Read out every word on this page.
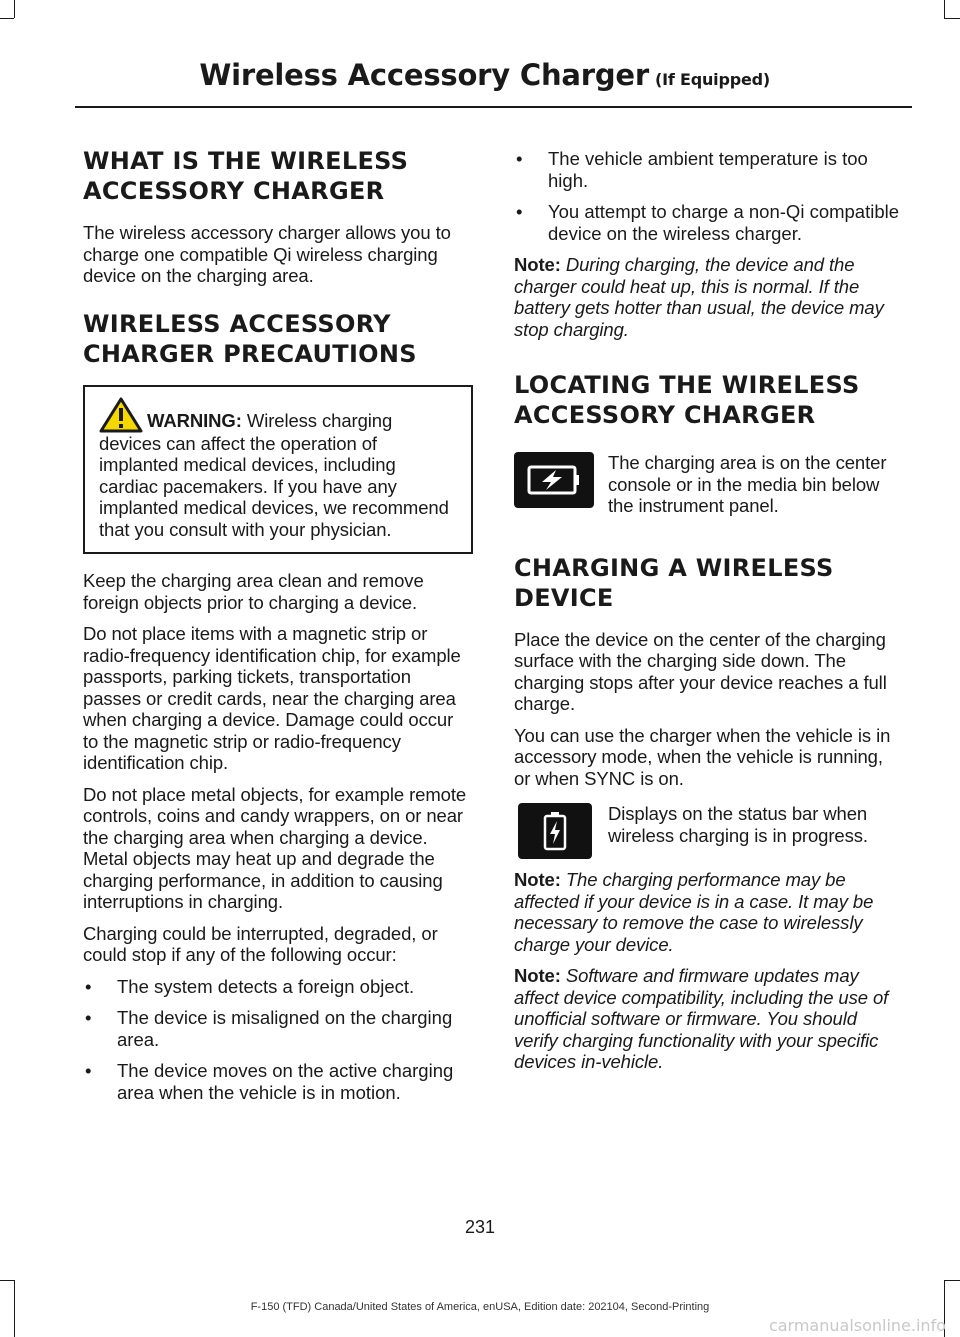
Wireless Accessory Charger (If Equipped)
WHAT IS THE WIRELESS ACCESSORY CHARGER

The wireless accessory charger allows you to charge one compatible Qi wireless charging device on the charging area.

WIRELESS ACCESSORY CHARGER PRECAUTIONS

WARNING: Wireless charging devices can affect the operation of implanted medical devices, including cardiac pacemakers. If you have any implanted medical devices, we recommend that you consult with your physician.

Keep the charging area clean and remove foreign objects prior to charging a device.

Do not place items with a magnetic strip or radio-frequency identification chip, for example passports, parking tickets, transportation passes or credit cards, near the charging area when charging a device. Damage could occur to the magnetic strip or radio-frequency identification chip.

Do not place metal objects, for example remote controls, coins and candy wrappers, on or near the charging area when charging a device. Metal objects may heat up and degrade the charging performance, in addition to causing interruptions in charging.

Charging could be interrupted, degraded, or could stop if any of the following occur:

• The system detects a foreign object.
• The device is misaligned on the charging area.
• The device moves on the active charging area when the vehicle is in motion.
• The vehicle ambient temperature is too high.
• You attempt to charge a non-Qi compatible device on the wireless charger.

Note: During charging, the device and the charger could heat up, this is normal. If the battery gets hotter than usual, the device may stop charging.

LOCATING THE WIRELESS ACCESSORY CHARGER

The charging area is on the center console or in the media bin below the instrument panel.

CHARGING A WIRELESS DEVICE

Place the device on the center of the charging surface with the charging side down. The charging stops after your device reaches a full charge.

You can use the charger when the vehicle is in accessory mode, when the vehicle is running, or when SYNC is on.

Displays on the status bar when wireless charging is in progress.

Note: The charging performance may be affected if your device is in a case. It may be necessary to remove the case to wirelessly charge your device.

Note: Software and firmware updates may affect device compatibility, including the use of unofficial software or firmware. You should verify charging functionality with your specific devices in-vehicle.

231
F-150 (TFD) Canada/United States of America, enUSA, Edition date: 202104, Second-Printing
carmanualsonline.info
